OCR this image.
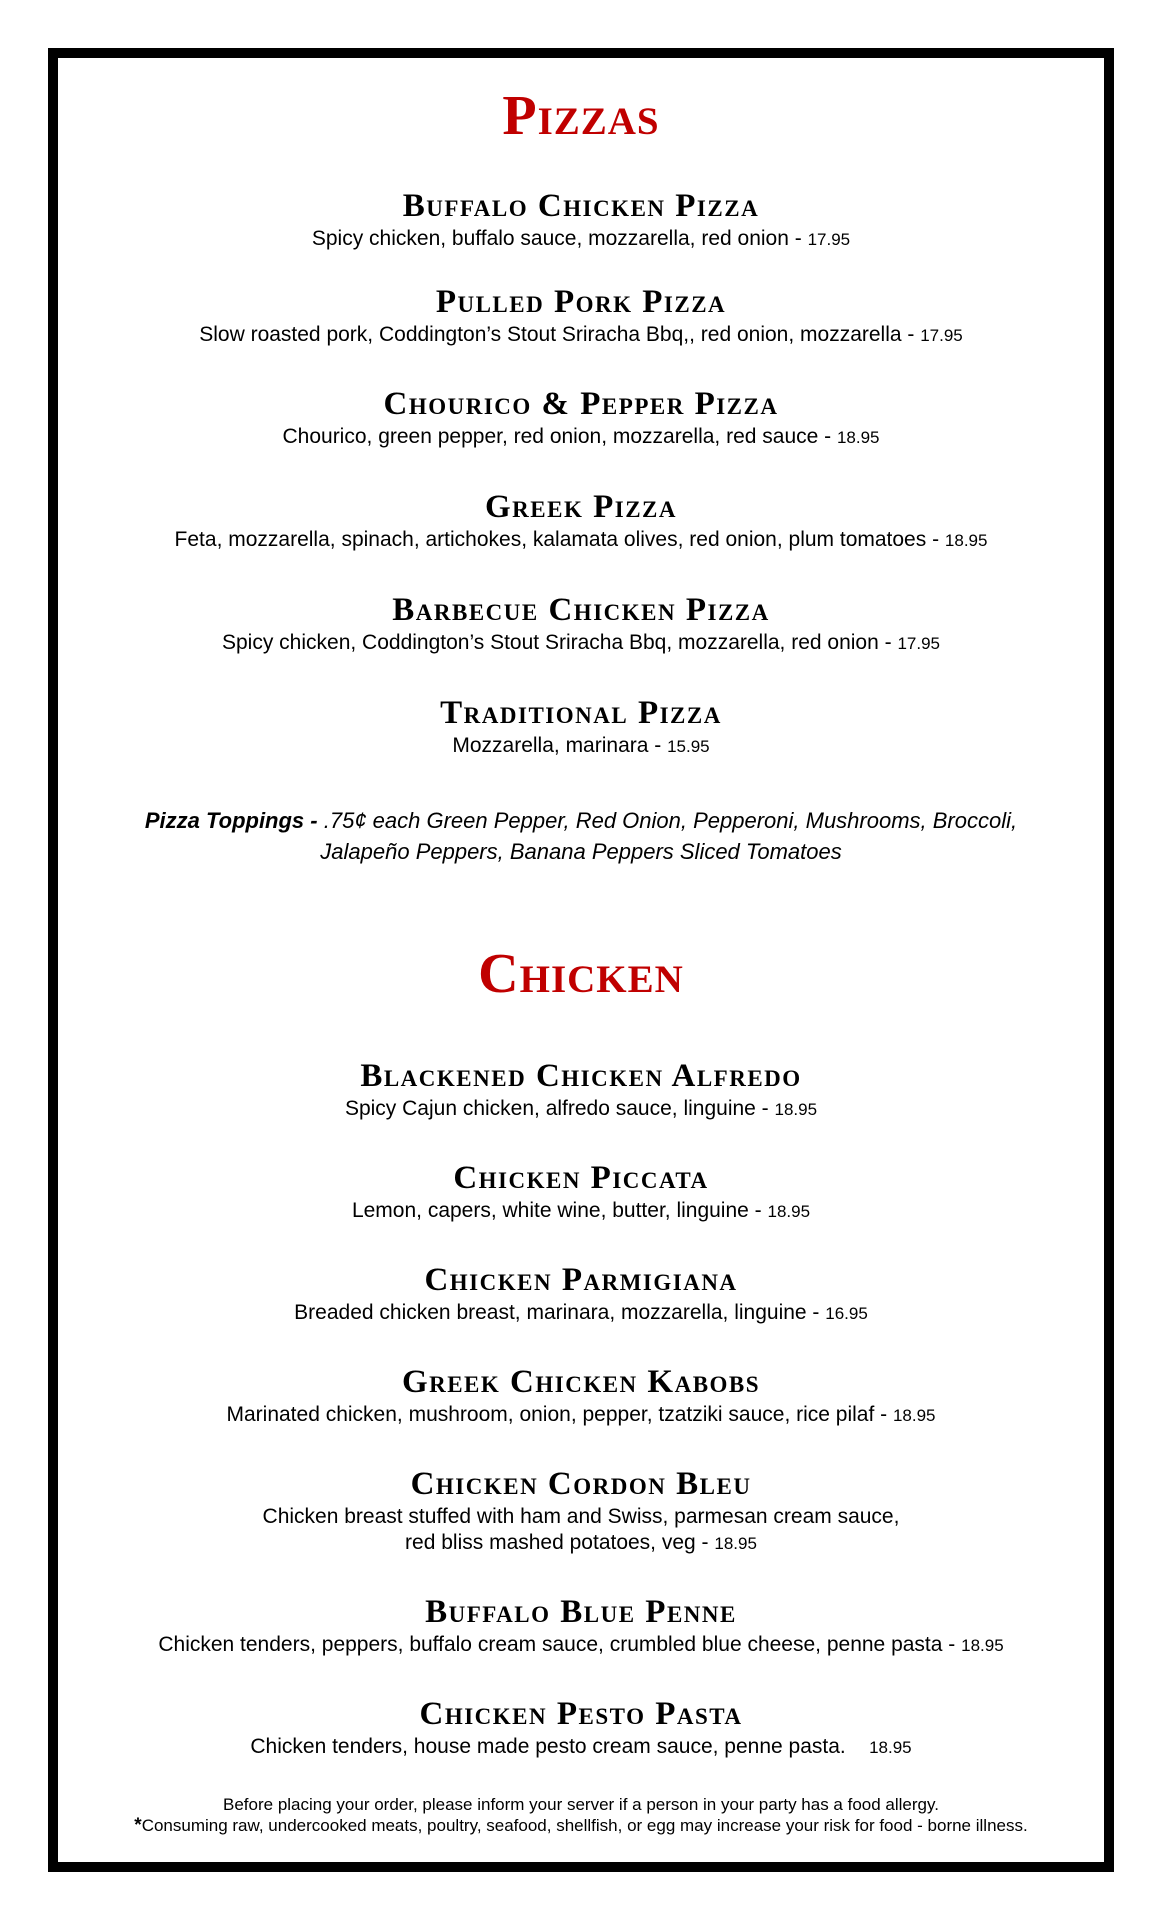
Pizzas
Buffalo Chicken Pizza
Spicy chicken, buffalo sauce, mozzarella, red onion - 17.95
Pulled Pork Pizza
Slow roasted pork, Coddington’s Stout Sriracha Bbq,, red onion, mozzarella - 17.95
Chourico & Pepper Pizza
Chourico, green pepper, red onion, mozzarella, red sauce - 18.95
Greek Pizza
Feta, mozzarella, spinach, artichokes, kalamata olives, red onion, plum tomatoes - 18.95
Barbecue Chicken Pizza
Spicy chicken, Coddington’s Stout Sriracha Bbq, mozzarella, red onion - 17.95
Traditional Pizza
Mozzarella, marinara - 15.95
Pizza Toppings - .75¢ each Green Pepper, Red Onion, Pepperoni, Mushrooms, Broccoli,
Jalapeño Peppers, Banana Peppers Sliced Tomatoes
Chicken
Blackened Chicken Alfredo
Spicy Cajun chicken, alfredo sauce, linguine - 18.95
Chicken Piccata
Lemon, capers, white wine, butter, linguine - 18.95
Chicken Parmigiana
Breaded chicken breast, marinara, mozzarella, linguine - 16.95
Greek Chicken Kabobs
Marinated chicken, mushroom, onion, pepper, tzatziki sauce, rice pilaf - 18.95
Chicken Cordon Bleu
Chicken breast stuffed with ham and Swiss, parmesan cream sauce,
red bliss mashed potatoes, veg - 18.95
Buffalo Blue Penne
Chicken tenders, peppers, buffalo cream sauce, crumbled blue cheese, penne pasta - 18.95
Chicken Pesto Pasta
Chicken tenders, house made pesto cream sauce, penne pasta.    18.95
Before placing your order, please inform your server if a person in your party has a food allergy.
*Consuming raw, undercooked meats, poultry, seafood, shellfish, or egg may increase your risk for food - borne illness.
